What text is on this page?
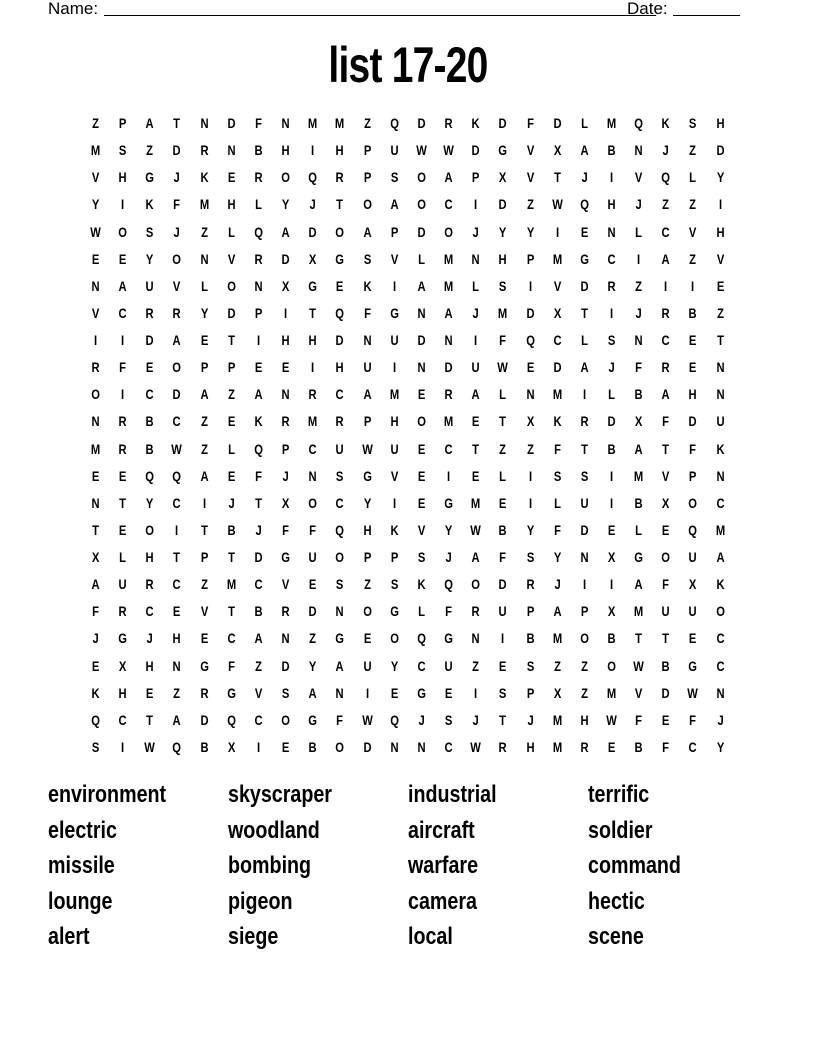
Name:	Date:
list 17-20
Z	P	A	T	N	D	F	N	M	M	Z	Q	D	R	K	D	F	D	L	M	Q	K	S	H
M	S	Z	D	R	N	B	H	I	H	P	U	W	W	D	G	V	X	A	B	N	J	Z	D
V	H	G	J	K	E	R	O	Q	R	P	S	O	A	P	X	V	T	J	I	V	Q	L	Y
Y	I	K	F	M	H	L	Y	J	T	O	A	O	C	I	D	Z	W	Q	H	J	Z	Z	I
W	O	S	J	Z	L	Q	A	D	O	A	P	D	O	J	Y	Y	I	E	N	L	C	V	H
E	E	Y	O	N	V	R	D	X	G	S	V	L	M	N	H	P	M	G	C	I	A	Z	V
N	A	U	V	L	O	N	X	G	E	K	I	A	M	L	S	I	V	D	R	Z	I	I	E
V	C	R	R	Y	D	P	I	T	Q	F	G	N	A	J	M	D	X	T	I	J	R	B	Z
I	I	D	A	E	T	I	H	H	D	N	U	D	N	I	F	Q	C	L	S	N	C	E	T
R	F	E	O	P	P	E	E	I	H	U	I	N	D	U	W	E	D	A	J	F	R	E	N
O	I	C	D	A	Z	A	N	R	C	A	M	E	R	A	L	N	M	I	L	B	A	H	N
N	R	B	C	Z	E	K	R	M	R	P	H	O	M	E	T	X	K	R	D	X	F	D	U
M	R	B	W	Z	L	Q	P	C	U	W	U	E	C	T	Z	Z	F	T	B	A	T	F	K
E	E	Q	Q	A	E	F	J	N	S	G	V	E	I	E	L	I	S	S	I	M	V	P	N
N	T	Y	C	I	J	T	X	O	C	Y	I	E	G	M	E	I	L	U	I	B	X	O	C
T	E	O	I	T	B	J	F	F	Q	H	K	V	Y	W	B	Y	F	D	E	L	E	Q	M
X	L	H	T	P	T	D	G	U	O	P	P	S	J	A	F	S	Y	N	X	G	O	U	A
A	U	R	C	Z	M	C	V	E	S	Z	S	K	Q	O	D	R	J	I	I	A	F	X	K
F	R	C	E	V	T	B	R	D	N	O	G	L	F	R	U	P	A	P	X	M	U	U	O
J	G	J	H	E	C	A	N	Z	G	E	O	Q	G	N	I	B	M	O	B	T	T	E	C
E	X	H	N	G	F	Z	D	Y	A	U	Y	C	U	Z	E	S	Z	Z	O	W	B	G	C
K	H	E	Z	R	G	V	S	A	N	I	E	G	E	I	S	P	X	Z	M	V	D	W	N
Q	C	T	A	D	Q	C	O	G	F	W	Q	J	S	J	T	J	M	H	W	F	E	F	J
S	I	W	Q	B	X	I	E	B	O	D	N	N	C	W	R	H	M	R	E	B	F	C	Y
environment	skyscraper	industrial	terrific
electric	woodland	aircraft	soldier
missile	bombing	warfare	command
lounge	pigeon	camera	hectic
alert	siege	local	scene
